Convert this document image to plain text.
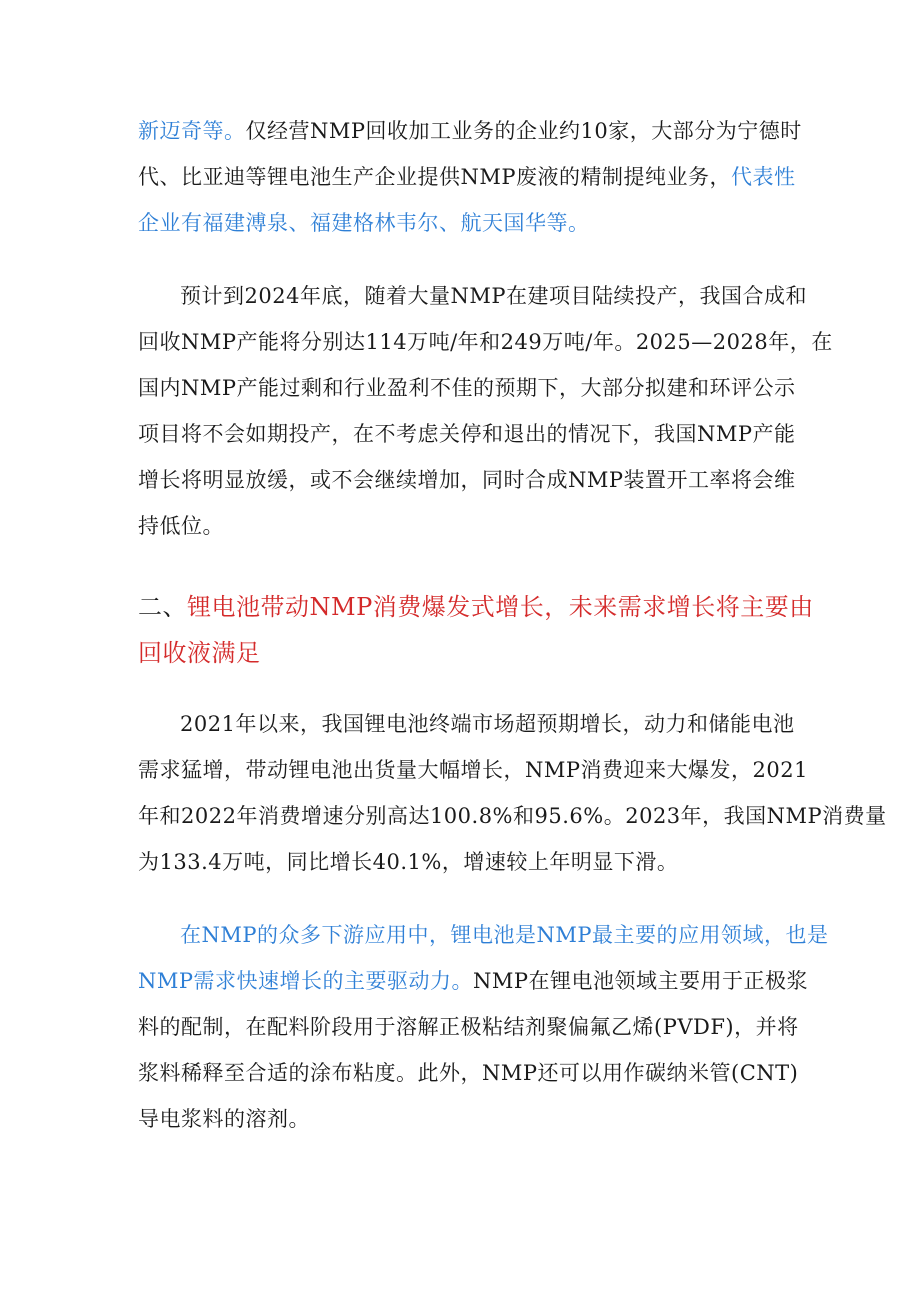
新迈奇等。仅经营NMP回收加工业务的企业约10家，大部分为宁德时
代、比亚迪等锂电池生产企业提供NMP废液的精制提纯业务，代表性
企业有福建溥泉、福建格林韦尔、航天国华等。
预计到2024年底，随着大量NMP在建项目陆续投产，我国合成和
回收NMP产能将分别达114万吨/年和249万吨/年。2025—2028年，在
国内NMP产能过剩和行业盈利不佳的预期下，大部分拟建和环评公示
项目将不会如期投产，在不考虑关停和退出的情况下，我国NMP产能
增长将明显放缓，或不会继续增加，同时合成NMP装置开工率将会维
持低位。
二、锂电池带动NMP消费爆发式增长，未来需求增长将主要由
回收液满足
2021年以来，我国锂电池终端市场超预期增长，动力和储能电池
需求猛增，带动锂电池出货量大幅增长，NMP消费迎来大爆发，2021
年和2022年消费增速分别高达100.8%和95.6%。2023年，我国NMP消费量
为133.4万吨，同比增长40.1%，增速较上年明显下滑。
在NMP的众多下游应用中，锂电池是NMP最主要的应用领域，也是
NMP需求快速增长的主要驱动力。NMP在锂电池领域主要用于正极浆
料的配制，在配料阶段用于溶解正极粘结剂聚偏氟乙烯(PVDF)，并将
浆料稀释至合适的涂布粘度。此外，NMP还可以用作碳纳米管(CNT)
导电浆料的溶剂。
